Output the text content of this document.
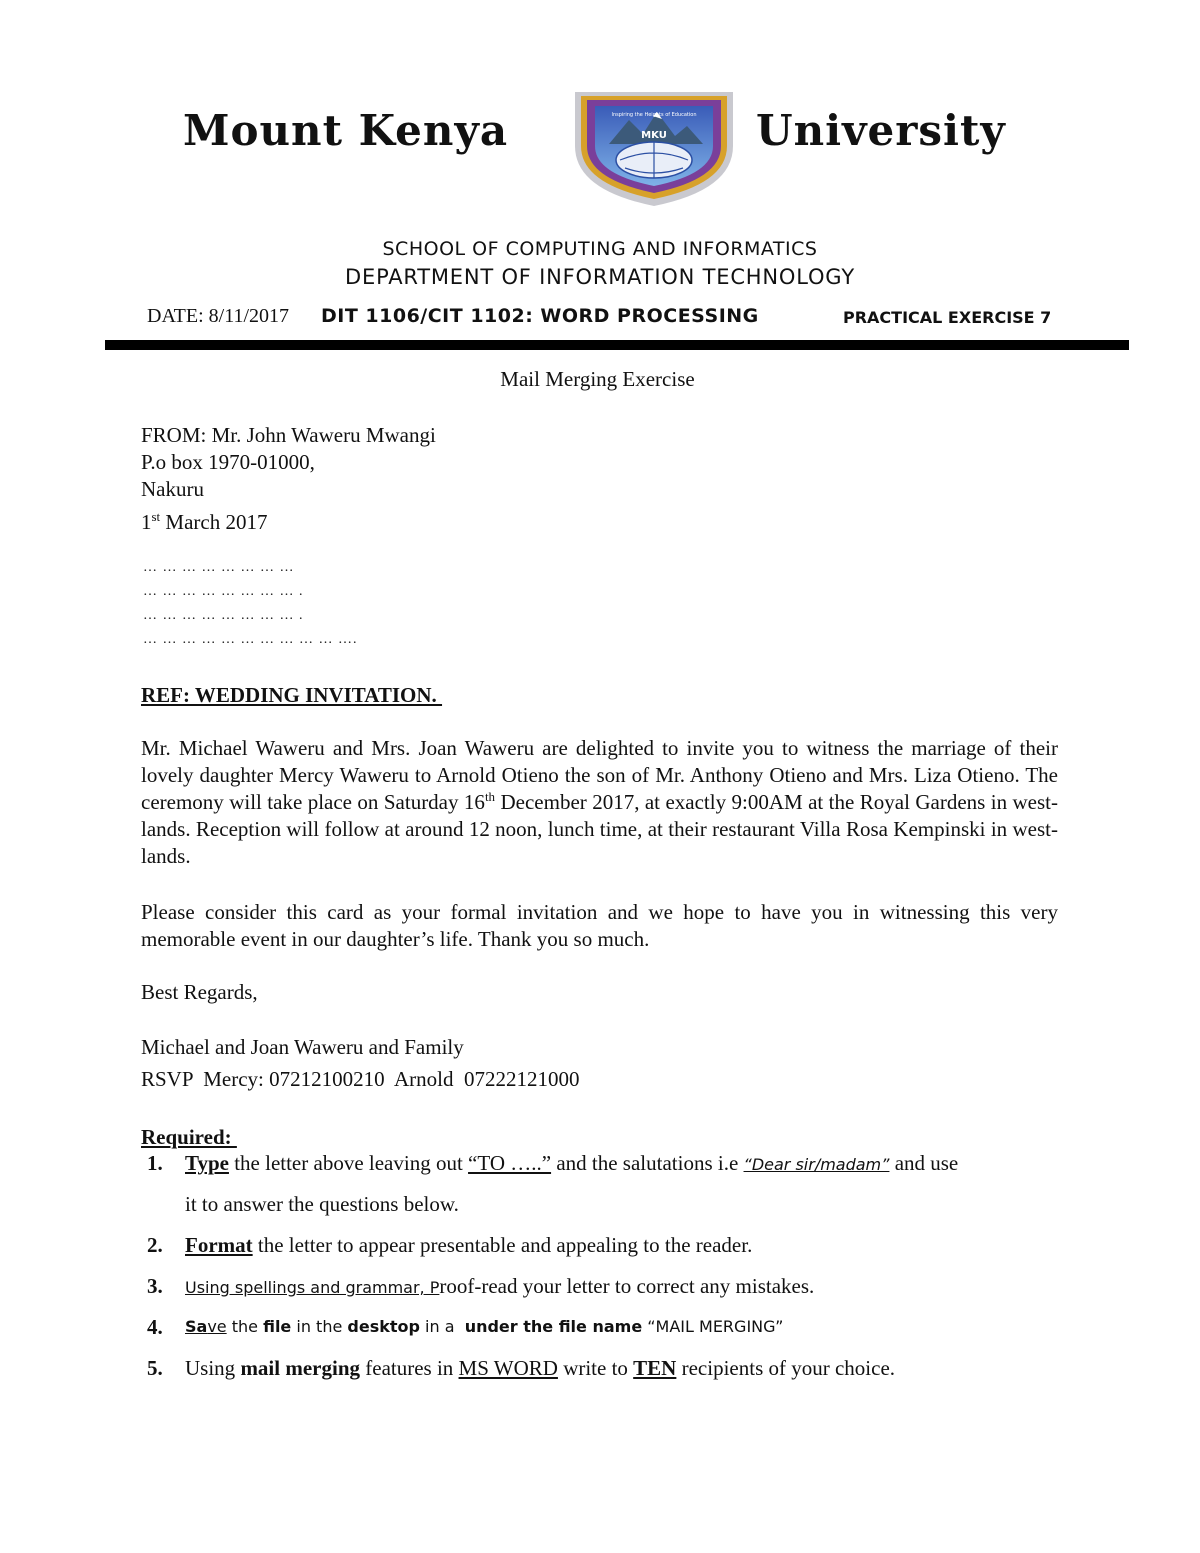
Mount Kenya	MKU
Inspiring the Heights of Education University
SCHOOL OF COMPUTING AND INFORMATICS
DEPARTMENT OF INFORMATION TECHNOLOGY
DATE: 8/11/2017 DIT 1106/CIT 1102: WORD PROCESSING	PRACTICAL EXERCISE 7
Mail Merging Exercise
FROM: Mr. John Waweru Mwangi
P.o box 1970-01000,
Nakuru
1st March 2017
… … … … … … … …
… … … … … … … … .
… … … … … … … … .
… … … … … … … … … … ….
REF: WEDDING INVITATION.
Mr. Michael Waweru and Mrs. Joan Waweru are delighted to invite you to witness the marriage of their lovely daughter Mercy Waweru to Arnold Otieno the son of Mr. Anthony Otieno and Mrs. Liza Otieno. The ceremony will take place on Saturday 16th December 2017, at exactly 9:00AM at the Royal Gardens in west-lands. Reception will follow at around 12 noon, lunch time, at their restaurant Villa Rosa Kempinski in west-lands.
Please consider this card as your formal invitation and we hope to have you in witnessing this very memorable event in our daughter’s life. Thank you so much.
Best Regards,
Michael and Joan Waweru and Family
RSVP  Mercy: 07212100210  Arnold  07222121000
Required:
1. Type the letter above leaving out “TO …..” and the salutations i.e “Dear sir/madam” and use
it to answer the questions below.
2. Format the letter to appear presentable and appealing to the reader.
3. Using spellings and grammar, Proof-read your letter to correct any mistakes.
4. Save the file in the desktop in a  under the file name “MAIL MERGING”
5. Using mail merging features in MS WORD write to TEN recipients of your choice.
